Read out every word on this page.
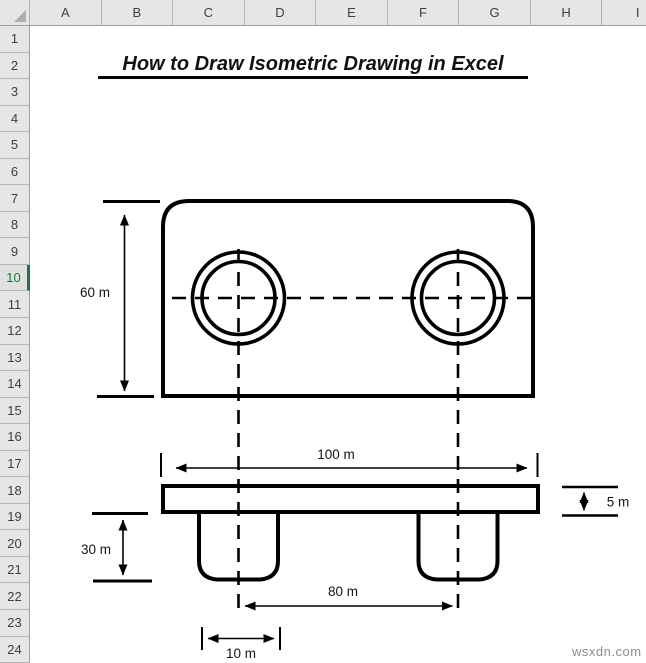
A	B	C	D	E	F	G	H	I
1
2
3
4
5
6
7
8
9
10
11
12
13
14
15
16
17
18
19
20
21
22
23
24
How to Draw Isometric Drawing in Excel
60 m
100 m
5 m
30 m
80 m
10 m	wsxdn.com
